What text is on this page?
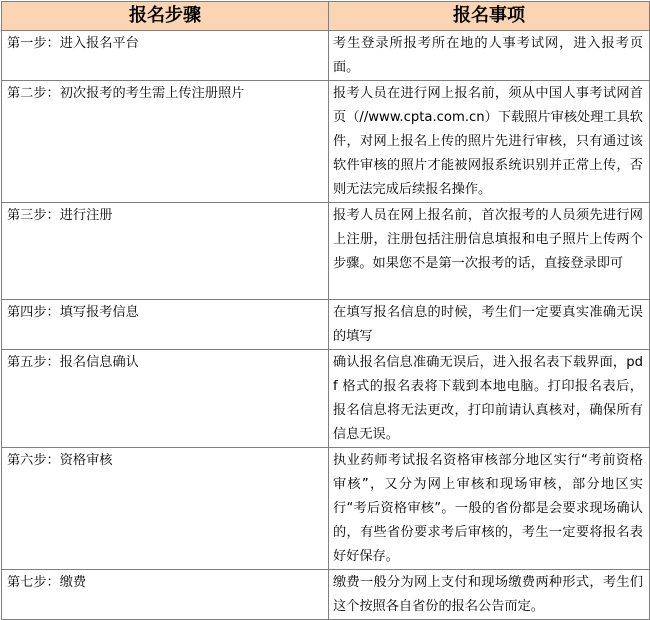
报名步骤	报名事项
第一步：进入报名平台	考生登录所报考所在地的人事考试网，进入报考页面。
第二步：初次报考的考生需上传注册照片	报考人员在进行网上报名前，须从中国人事考试网首页（//www.cpta.com.cn）下载照片审核处理工具软件，对网上报名上传的照片先进行审核，只有通过该软件审核的照片才能被网报系统识别并正常上传，否则无法完成后续报名操作。
第三步：进行注册	报考人员在网上报名前，首次报考的人员须先进行网上注册，注册包括注册信息填报和电子照片上传两个步骤。如果您不是第一次报考的话，直接登录即可
第四步：填写报考信息	在填写报名信息的时候，考生们一定要真实准确无误的填写
第五步：报名信息确认	确认报名信息准确无误后，进入报名表下载界面，pdf 格式的报名表将下载到本地电脑。打印报名表后，报名信息将无法更改，打印前请认真核对，确保所有信息无误。
第六步：资格审核	执业药师考试报名资格审核部分地区实行“考前资格审核”，又分为网上审核和现场审核，部分地区实行“考后资格审核”。一般的省份都是会要求现场确认的，有些省份要求考后审核的，考生一定要将报名表好好保存。
第七步：缴费	缴费一般分为网上支付和现场缴费两种形式，考生们这个按照各自省份的报名公告而定。
